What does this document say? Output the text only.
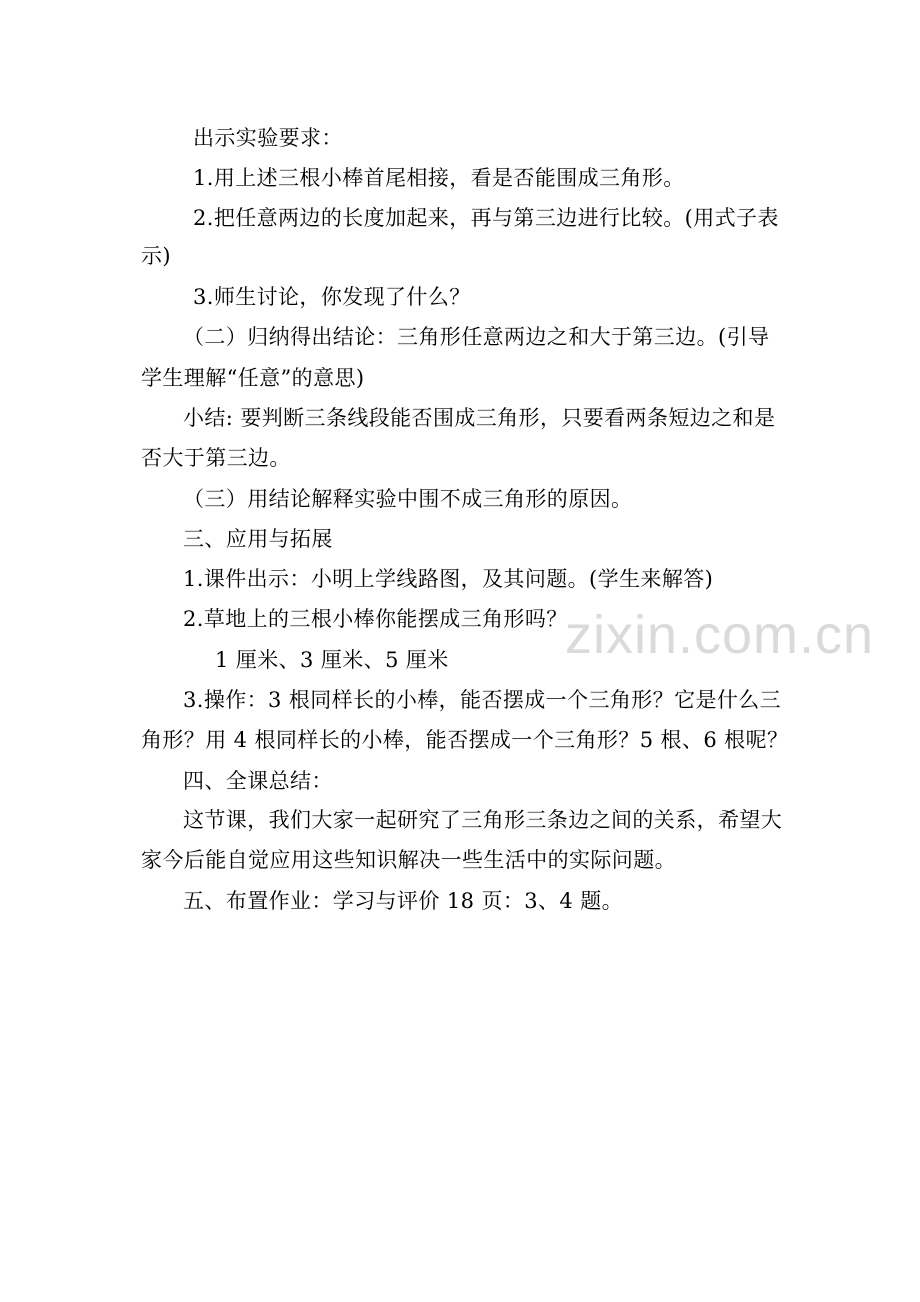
出示实验要求：
1.用上述三根小棒首尾相接，看是否能围成三角形。
2.把任意两边的长度加起来，再与第三边进行比较。(用式子表
示)
3.师生讨论，你发现了什么？
（二）归纳得出结论：三角形任意两边之和大于第三边。(引导
学生理解“任意”的意思)
小结: 要判断三条线段能否围成三角形，只要看两条短边之和是
否大于第三边。
（三）用结论解释实验中围不成三角形的原因。
三、应用与拓展
1.课件出示：小明上学线路图，及其问题。(学生来解答)
2.草地上的三根小棒你能摆成三角形吗？
1 厘米、3 厘米、5 厘米
3.操作：3 根同样长的小棒，能否摆成一个三角形？它是什么三
角形？用 4 根同样长的小棒，能否摆成一个三角形？5 根、6 根呢？
四、全课总结：
这节课，我们大家一起研究了三角形三条边之间的关系，希望大
家今后能自觉应用这些知识解决一些生活中的实际问题。
五、布置作业：学习与评价 18 页：3、4 题。
zixin.com.cn
